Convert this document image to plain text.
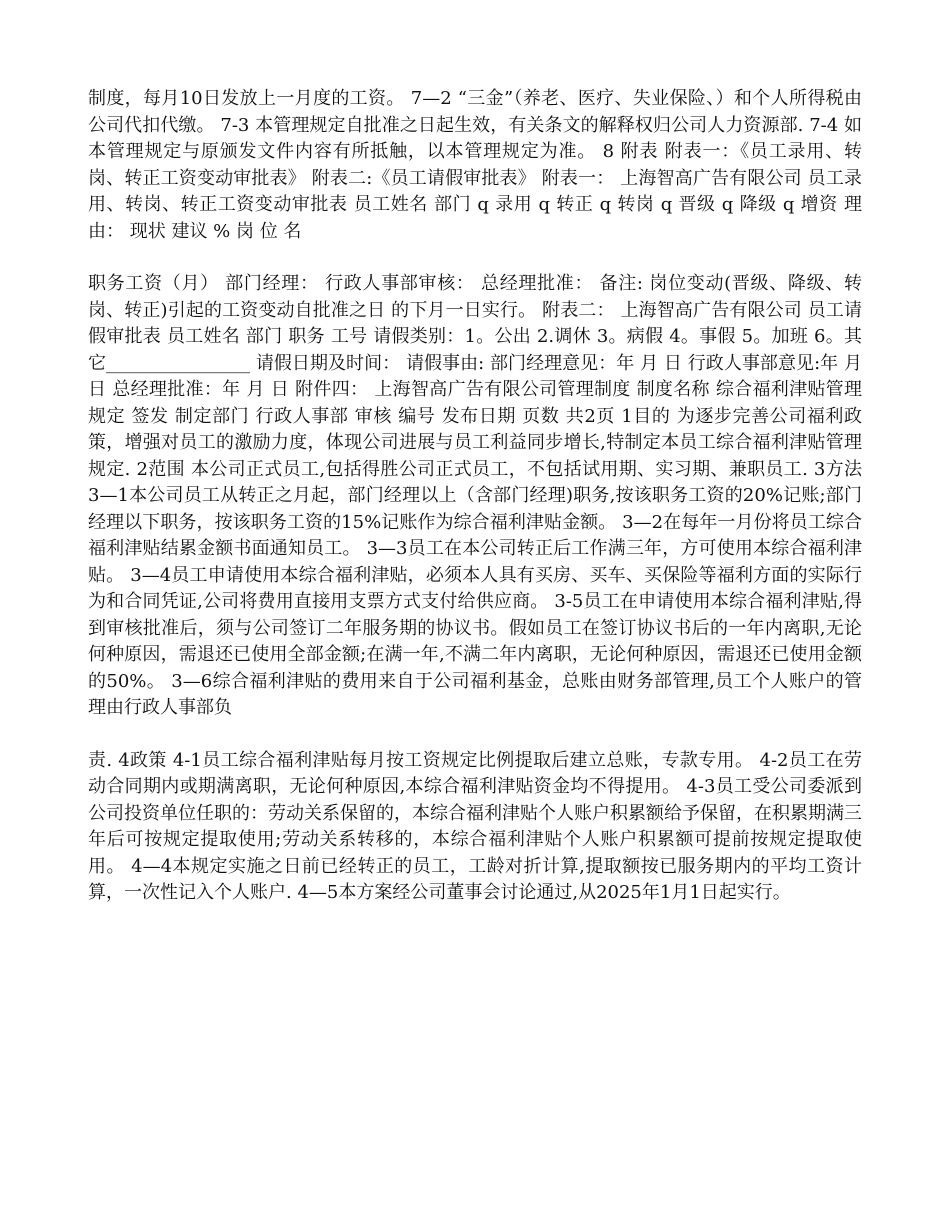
制度，每月10日发放上一月度的工资。 7—2 “三金”（养老、医疗、失业保险、）和个人所得税由公司代扣代缴。 7-3 本管理规定自批准之日起生效，有关条文的解释权归公司人力资源部. 7-4 如本管理规定与原颁发文件内容有所抵触，以本管理规定为准。 8 附表 附表一：《员工录用、转岗、转正工资变动审批表》 附表二:《员工请假审批表》 附表一： 上海智高广告有限公司 员工录用、转岗、转正工资变动审批表 员工姓名 部门 q 录用 q 转正 q 转岗 q 晋级 q 降级 q 增资 理由： 现状 建议 % 岗 位 名

职务工资（月） 部门经理： 行政人事部审核： 总经理批准： 备注: 岗位变动(晋级、降级、转岗、转正)引起的工资变动自批准之日 的下月一日实行。 附表二： 上海智高广告有限公司 员工请假审批表 员工姓名 部门 职务 工号 请假类别：1。公出 2.调休 3。病假 4。事假 5。加班 6。其它________________ 请假日期及时间： 请假事由: 部门经理意见：年 月 日 行政人事部意见:年 月 日 总经理批准：年 月 日 附件四： 上海智高广告有限公司管理制度 制度名称 综合福利津贴管理规定 签发 制定部门 行政人事部 审核 编号 发布日期 页数 共2页 1目的 为逐步完善公司福利政策，增强对员工的激励力度，体现公司进展与员工利益同步增长,特制定本员工综合福利津贴管理规定. 2范围 本公司正式员工,包括得胜公司正式员工，不包括试用期、实习期、兼职员工. 3方法 3—1本公司员工从转正之月起，部门经理以上（含部门经理)职务,按该职务工资的20%记账;部门经理以下职务，按该职务工资的15%记账作为综合福利津贴金额。 3—2在每年一月份将员工综合福利津贴结累金额书面通知员工。 3—3员工在本公司转正后工作满三年，方可使用本综合福利津贴。 3—4员工申请使用本综合福利津贴，必须本人具有买房、买车、买保险等福利方面的实际行为和合同凭证,公司将费用直接用支票方式支付给供应商。 3-5员工在申请使用本综合福利津贴,得到审核批准后，须与公司签订二年服务期的协议书。假如员工在签订协议书后的一年内离职,无论何种原因，需退还已使用全部金额;在满一年,不满二年内离职，无论何种原因，需退还已使用金额的50%。 3—6综合福利津贴的费用来自于公司福利基金，总账由财务部管理,员工个人账户的管理由行政人事部负

责. 4政策 4-1员工综合福利津贴每月按工资规定比例提取后建立总账，专款专用。 4-2员工在劳动合同期内或期满离职，无论何种原因,本综合福利津贴资金均不得提用。 4-3员工受公司委派到公司投资单位任职的：劳动关系保留的，本综合福利津贴个人账户积累额给予保留，在积累期满三年后可按规定提取使用;劳动关系转移的，本综合福利津贴个人账户积累额可提前按规定提取使用。 4—4本规定实施之日前已经转正的员工，工龄对折计算,提取额按已服务期内的平均工资计算，一次性记入个人账户. 4—5本方案经公司董事会讨论通过,从2025年1月1日起实行。
